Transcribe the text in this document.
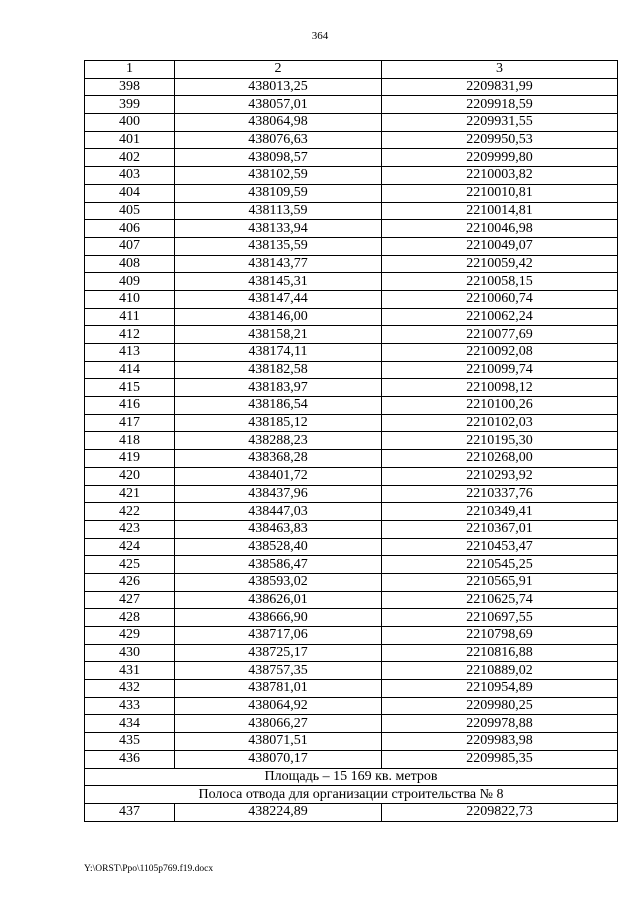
364
1	2	3
398	438013,25	2209831,99
399	438057,01	2209918,59
400	438064,98	2209931,55
401	438076,63	2209950,53
402	438098,57	2209999,80
403	438102,59	2210003,82
404	438109,59	2210010,81
405	438113,59	2210014,81
406	438133,94	2210046,98
407	438135,59	2210049,07
408	438143,77	2210059,42
409	438145,31	2210058,15
410	438147,44	2210060,74
411	438146,00	2210062,24
412	438158,21	2210077,69
413	438174,11	2210092,08
414	438182,58	2210099,74
415	438183,97	2210098,12
416	438186,54	2210100,26
417	438185,12	2210102,03
418	438288,23	2210195,30
419	438368,28	2210268,00
420	438401,72	2210293,92
421	438437,96	2210337,76
422	438447,03	2210349,41
423	438463,83	2210367,01
424	438528,40	2210453,47
425	438586,47	2210545,25
426	438593,02	2210565,91
427	438626,01	2210625,74
428	438666,90	2210697,55
429	438717,06	2210798,69
430	438725,17	2210816,88
431	438757,35	2210889,02
432	438781,01	2210954,89
433	438064,92	2209980,25
434	438066,27	2209978,88
435	438071,51	2209983,98
436	438070,17	2209985,35
Площадь – 15 169 кв. метров		
Полоса отвода для организации строительства № 8		
437	438224,89	2209822,73
Y:\ORST\Ppo\1105p769.f19.docx
